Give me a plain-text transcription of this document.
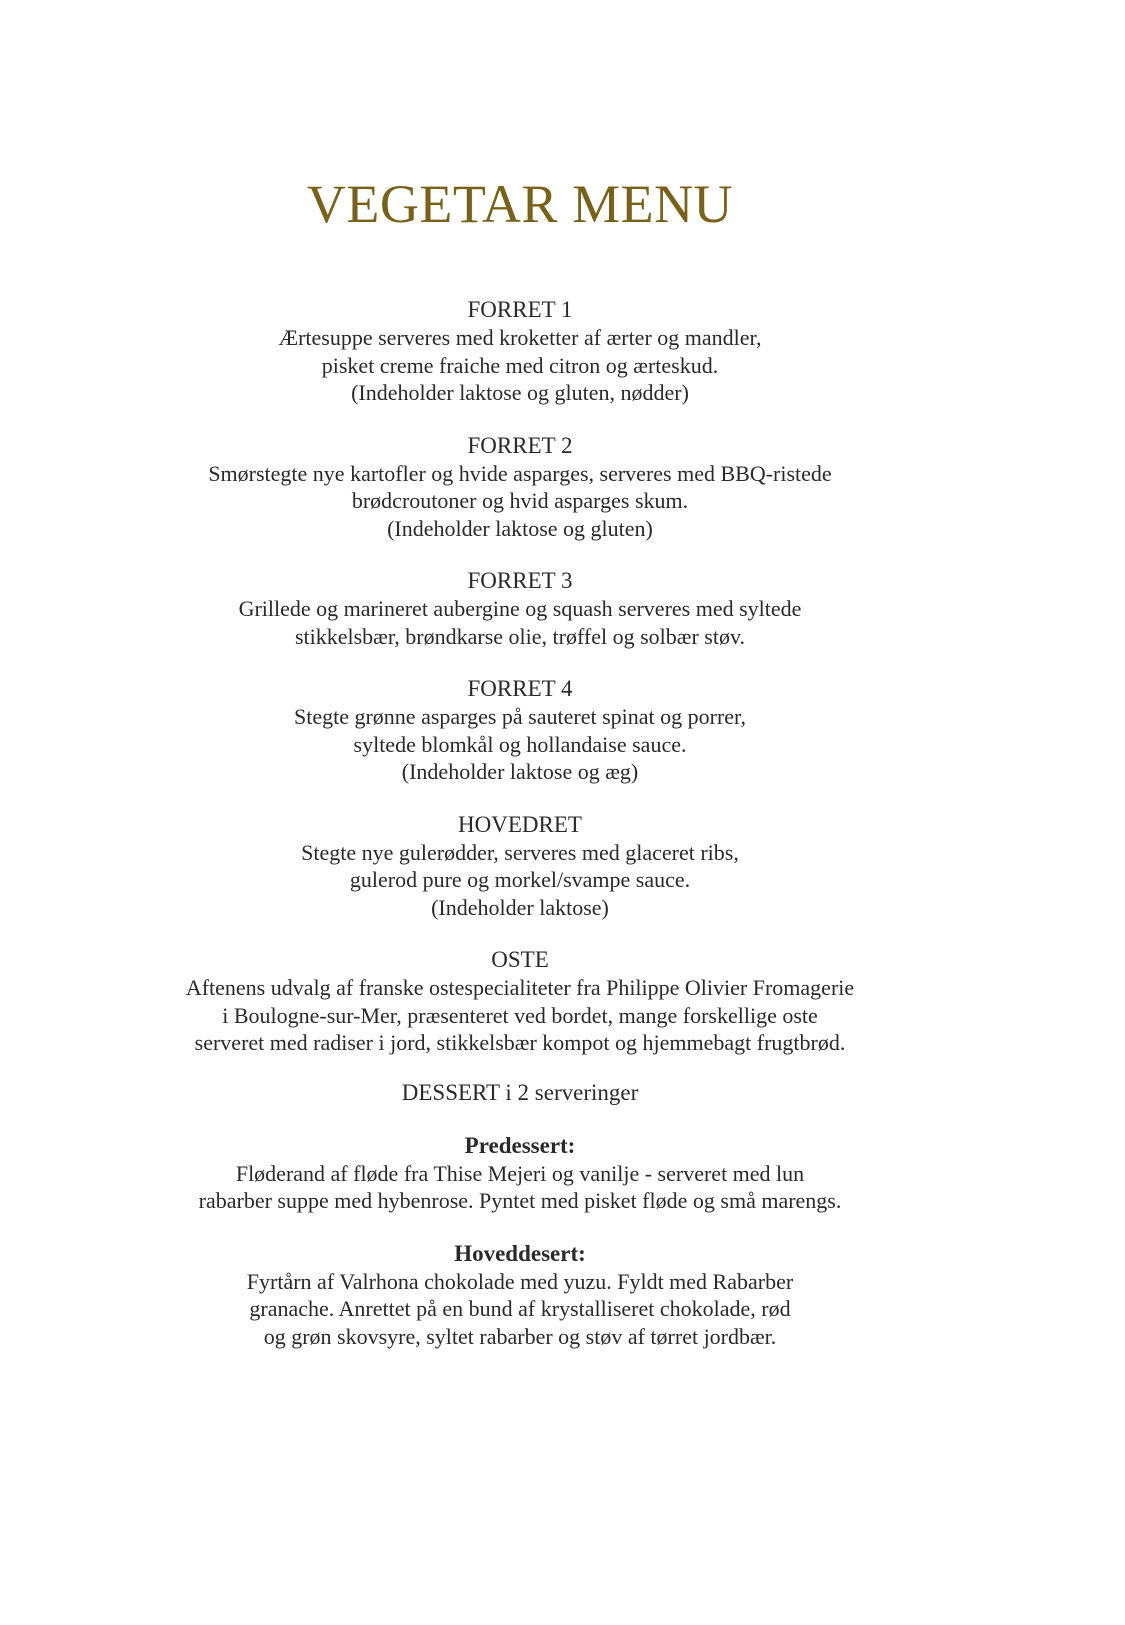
VEGETAR MENU
FORRET 1

Ærtesuppe serveres med kroketter af ærter og mandler,

pisket creme fraiche med citron og ærteskud.

(Indeholder laktose og gluten, nødder)

FORRET 2

Smørstegte nye kartofler og hvide asparges, serveres med BBQ-ristede

brødcroutoner og hvid asparges skum.

(Indeholder laktose og gluten)

FORRET 3

Grillede og marineret aubergine og squash serveres med syltede

stikkelsbær, brøndkarse olie, trøffel og solbær støv.

FORRET 4

Stegte grønne asparges på sauteret spinat og porrer,

syltede blomkål og hollandaise sauce.

(Indeholder laktose og æg)

HOVEDRET

Stegte nye gulerødder, serveres med glaceret ribs,

gulerod pure og morkel/svampe sauce.

(Indeholder laktose)

OSTE

Aftenens udvalg af franske ostespecialiteter fra Philippe Olivier Fromagerie

i Boulogne-sur-Mer, præsenteret ved bordet, mange forskellige oste

serveret med radiser i jord, stikkelsbær kompot og hjemmebagt frugtbrød.

DESSERT i 2 serveringer
Predessert:

Fløderand af fløde fra Thise Mejeri og vanilje - serveret med lun

rabarber suppe med hybenrose. Pyntet med pisket fløde og små marengs.

Hoveddesert:

Fyrtårn af Valrhona chokolade med yuzu. Fyldt med Rabarber

granache. Anrettet på en bund af krystalliseret chokolade, rød

og grøn skovsyre, syltet rabarber og støv af tørret jordbær.
